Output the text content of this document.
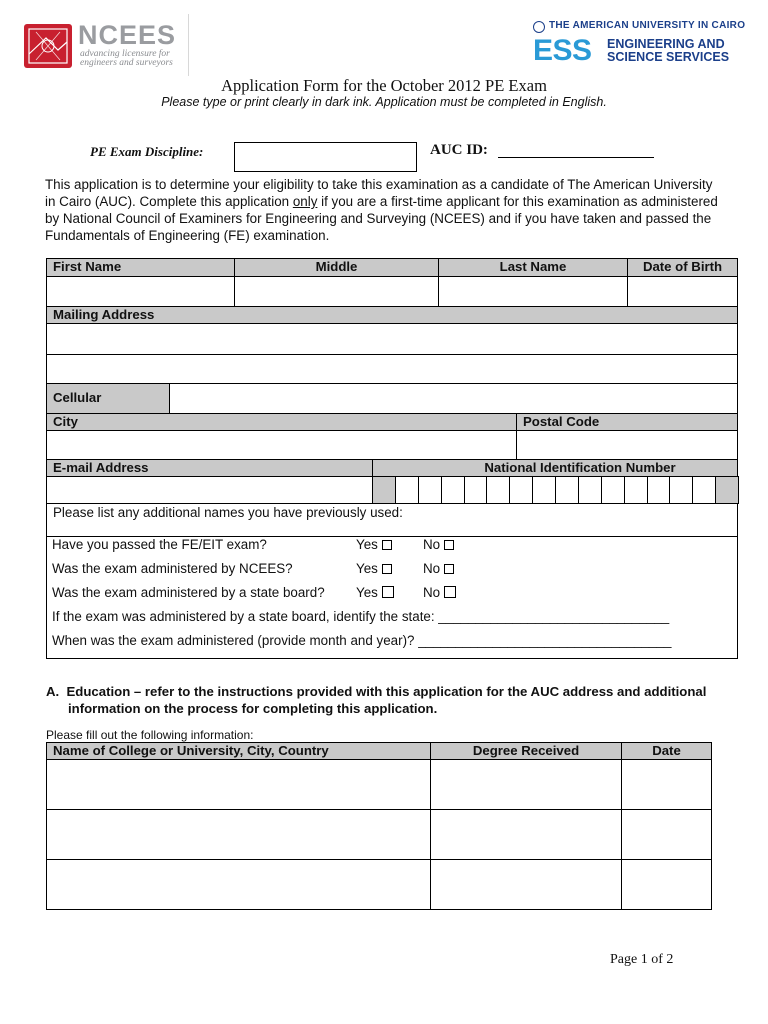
NCEES
advancing licensure for engineers and surveyors
THE AMERICAN UNIVERSITY IN CAIRO
ESS ENGINEERING AND
SCIENCE SERVICES
Application Form for the October 2012 PE Exam
Please type or print clearly in dark ink. Application must be completed in English.
PE Exam Discipline:	AUC ID:
This application is to determine your eligibility to take this examination as a candidate of The American University in Cairo (AUC). Complete this application only if you are a first-time applicant for this examination as administered by National Council of Examiners for Engineering and Surveying (NCEES) and if you have taken and passed the Fundamentals of Engineering (FE) examination.
First Name	Middle	Last Name	Date of Birth
Mailing Address
Cellular
City	Postal Code
E-mail Address	National Identification Number
Please list any additional names you have previously used:
Have you passed the FE/EIT exam?	Yes	No
Was the exam administered by NCEES?	Yes	No
Was the exam administered by a state board? Yes	No
If the exam was administered by a state board, identify the state: _______________________________
When was the exam administered (provide month and year)? __________________________________
A.  Education – refer to the instructions provided with this application for the AUC address and additional information on the process for completing this application.
Please fill out the following information:
Name of College or University, City, Country	Degree Received	Date
Page 1 of 2
